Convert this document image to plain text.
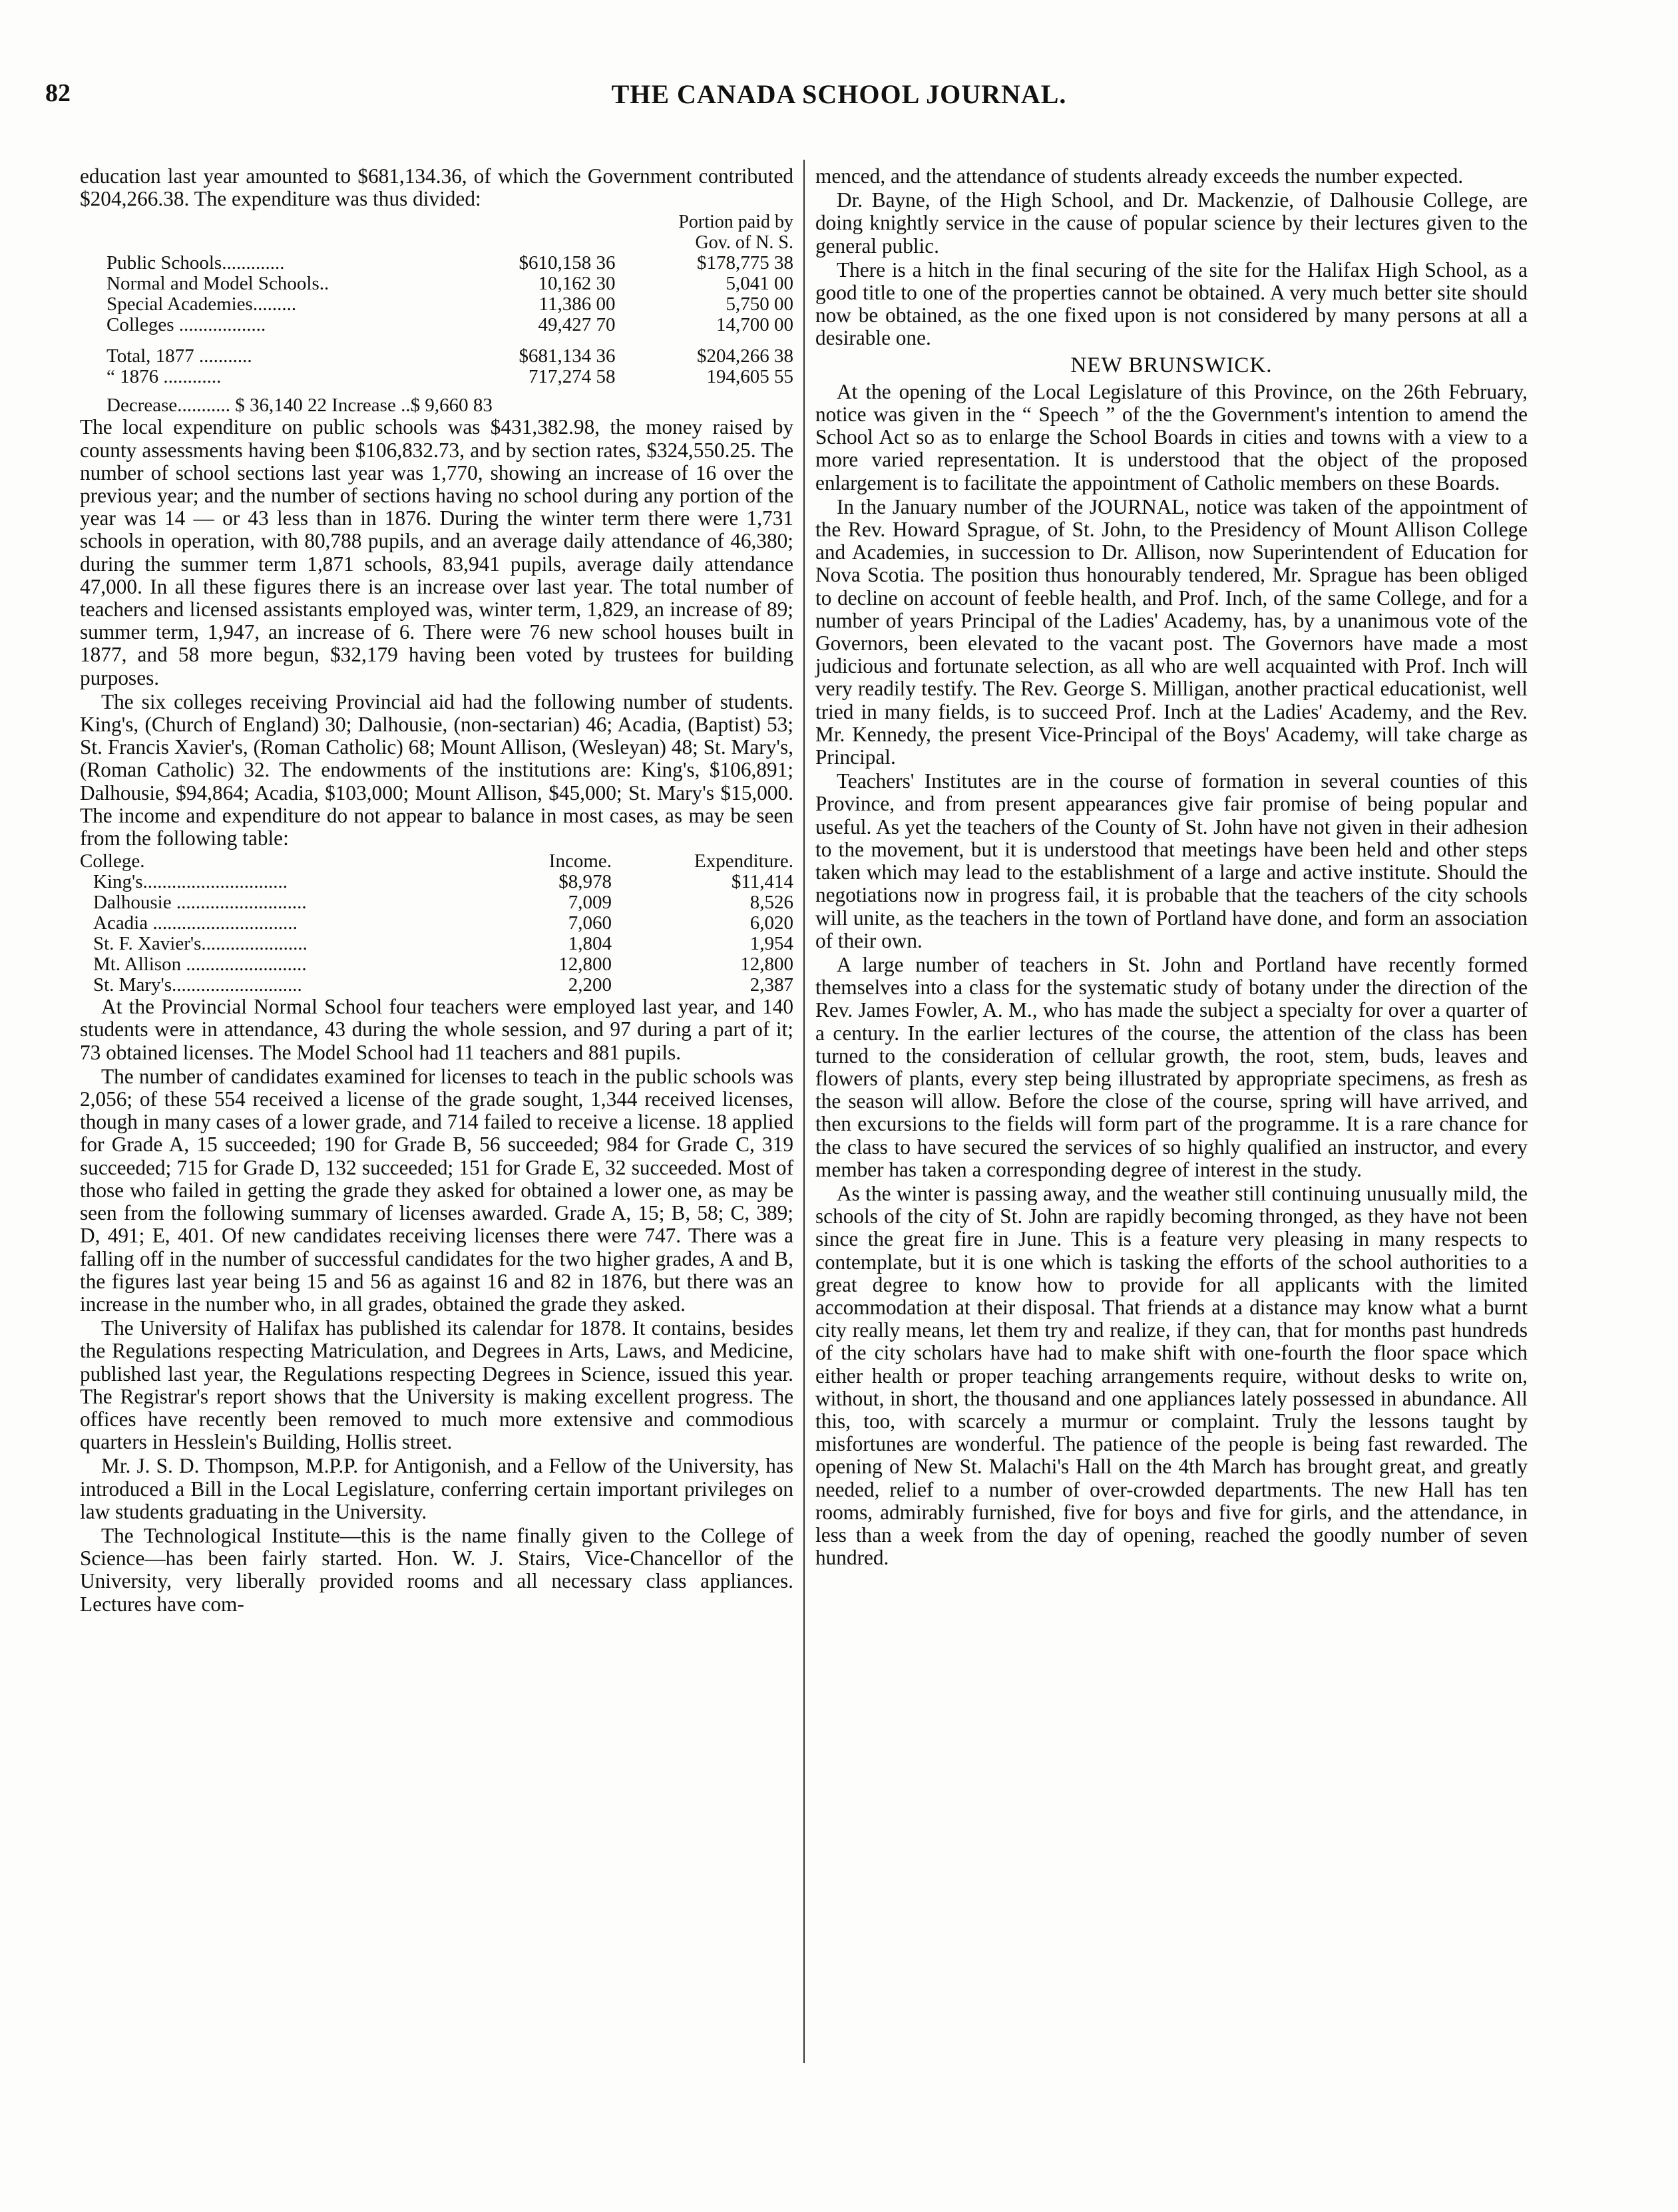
82	THE CANADA SCHOOL JOURNAL.

education last year amounted to $681,134.36, of which the Government contributed $204,266.38. The expenditure was thus divided:

		Portion paid by
Gov. of N. S.

Public Schools.............	$610,158 36	$178,775 38
Normal and Model Schools..	10,162 30	5,041 00
Special Academies.........	11,386 00	5,750 00
Colleges ..................	49,427 70	14,700 00

Total, 1877 ...........	$681,134 36	$204,266 38
“ 1876 ............	717,274 58	194,605 55

Decrease........... $ 36,140 22 Increase ..$ 9,660 83		

The local expenditure on public schools was $431,382.98, the money raised by county assessments having been $106,832.73, and by section rates, $324,550.25. The number of school sections last year was 1,770, showing an increase of 16 over the previous year; and the number of sections having no school during any portion of the year was 14 — or 43 less than in 1876. During the winter term there were 1,731 schools in operation, with 80,788 pupils, and an average daily attendance of 46,380; during the summer term 1,871 schools, 83,941 pupils, average daily attendance 47,000. In all these figures there is an increase over last year. The total number of teachers and licensed assistants employed was, winter term, 1,829, an increase of 89; summer term, 1,947, an increase of 6. There were 76 new school houses built in 1877, and 58 more begun, $32,179 having been voted by trustees for building purposes.

The six colleges receiving Provincial aid had the following number of students. King's, (Church of England) 30; Dalhousie, (non-sectarian) 46; Acadia, (Baptist) 53; St. Francis Xavier's, (Roman Catholic) 68; Mount Allison, (Wesleyan) 48; St. Mary's, (Roman Catholic) 32. The endowments of the institutions are: King's, $106,891; Dalhousie, $94,864; Acadia, $103,000; Mount Allison, $45,000; St. Mary's $15,000. The income and expenditure do not appear to balance in most cases, as may be seen from the following table:

College.	Income.	Expenditure.
King's..............................	$8,978	$11,414
Dalhousie ...........................	7,009	8,526
Acadia ..............................	7,060	6,020
St. F. Xavier's......................	1,804	1,954
Mt. Allison .........................	12,800	12,800
St. Mary's...........................	2,200	2,387

At the Provincial Normal School four teachers were employed last year, and 140 students were in attendance, 43 during the whole session, and 97 during a part of it; 73 obtained licenses. The Model School had 11 teachers and 881 pupils.

The number of candidates examined for licenses to teach in the public schools was 2,056; of these 554 received a license of the grade sought, 1,344 received licenses, though in many cases of a lower grade, and 714 failed to receive a license. 18 applied for Grade A, 15 succeeded; 190 for Grade B, 56 succeeded; 984 for Grade C, 319 succeeded; 715 for Grade D, 132 succeeded; 151 for Grade E, 32 succeeded. Most of those who failed in getting the grade they asked for obtained a lower one, as may be seen from the following summary of licenses awarded. Grade A, 15; B, 58; C, 389; D, 491; E, 401. Of new candidates receiving licenses there were 747. There was a falling off in the number of successful candidates for the two higher grades, A and B, the figures last year being 15 and 56 as against 16 and 82 in 1876, but there was an increase in the number who, in all grades, obtained the grade they asked.

The University of Halifax has published its calendar for 1878. It contains, besides the Regulations respecting Matriculation, and Degrees in Arts, Laws, and Medicine, published last year, the Regulations respecting Degrees in Science, issued this year. The Registrar's report shows that the University is making excellent progress. The offices have recently been removed to much more extensive and commodious quarters in Hesslein's Building, Hollis street.

Mr. J. S. D. Thompson, M.P.P. for Antigonish, and a Fellow of the University, has introduced a Bill in the Local Legislature, conferring certain important privileges on law students graduating in the University.

The Technological Institute—this is the name finally given to the College of Science—has been fairly started. Hon. W. J. Stairs, Vice-Chancellor of the University, very liberally provided rooms and all necessary class appliances. Lectures have com-

menced, and the attendance of students already exceeds the number expected.

Dr. Bayne, of the High School, and Dr. Mackenzie, of Dalhousie College, are doing knightly service in the cause of popular science by their lectures given to the general public.

There is a hitch in the final securing of the site for the Halifax High School, as a good title to one of the properties cannot be obtained. A very much better site should now be obtained, as the one fixed upon is not considered by many persons at all a desirable one.

NEW BRUNSWICK.

At the opening of the Local Legislature of this Province, on the 26th February, notice was given in the “ Speech ” of the the Government's intention to amend the School Act so as to enlarge the School Boards in cities and towns with a view to a more varied representation. It is understood that the object of the proposed enlargement is to facilitate the appointment of Catholic members on these Boards.

In the January number of the JOURNAL, notice was taken of the appointment of the Rev. Howard Sprague, of St. John, to the Presidency of Mount Allison College and Academies, in succession to Dr. Allison, now Superintendent of Education for Nova Scotia. The position thus honourably tendered, Mr. Sprague has been obliged to decline on account of feeble health, and Prof. Inch, of the same College, and for a number of years Principal of the Ladies' Academy, has, by a unanimous vote of the Governors, been elevated to the vacant post. The Governors have made a most judicious and fortunate selection, as all who are well acquainted with Prof. Inch will very readily testify. The Rev. George S. Milligan, another practical educationist, well tried in many fields, is to succeed Prof. Inch at the Ladies' Academy, and the Rev. Mr. Kennedy, the present Vice-Principal of the Boys' Academy, will take charge as Principal.

Teachers' Institutes are in the course of formation in several counties of this Province, and from present appearances give fair promise of being popular and useful. As yet the teachers of the County of St. John have not given in their adhesion to the movement, but it is understood that meetings have been held and other steps taken which may lead to the establishment of a large and active institute. Should the negotiations now in progress fail, it is probable that the teachers of the city schools will unite, as the teachers in the town of Portland have done, and form an association of their own.

A large number of teachers in St. John and Portland have recently formed themselves into a class for the systematic study of botany under the direction of the Rev. James Fowler, A. M., who has made the subject a specialty for over a quarter of a century. In the earlier lectures of the course, the attention of the class has been turned to the consideration of cellular growth, the root, stem, buds, leaves and flowers of plants, every step being illustrated by appropriate specimens, as fresh as the season will allow. Before the close of the course, spring will have arrived, and then excursions to the fields will form part of the programme. It is a rare chance for the class to have secured the services of so highly qualified an instructor, and every member has taken a corresponding degree of interest in the study.

As the winter is passing away, and the weather still continuing unusually mild, the schools of the city of St. John are rapidly becoming thronged, as they have not been since the great fire in June. This is a feature very pleasing in many respects to contemplate, but it is one which is tasking the efforts of the school authorities to a great degree to know how to provide for all applicants with the limited accommodation at their disposal. That friends at a distance may know what a burnt city really means, let them try and realize, if they can, that for months past hundreds of the city scholars have had to make shift with one-fourth the floor space which either health or proper teaching arrangements require, without desks to write on, without, in short, the thousand and one appliances lately possessed in abundance. All this, too, with scarcely a murmur or complaint. Truly the lessons taught by misfortunes are wonderful. The patience of the people is being fast rewarded. The opening of New St. Malachi's Hall on the 4th March has brought great, and greatly needed, relief to a number of over-crowded departments. The new Hall has ten rooms, admirably furnished, five for boys and five for girls, and the attendance, in less than a week from the day of opening, reached the goodly number of seven hundred.
